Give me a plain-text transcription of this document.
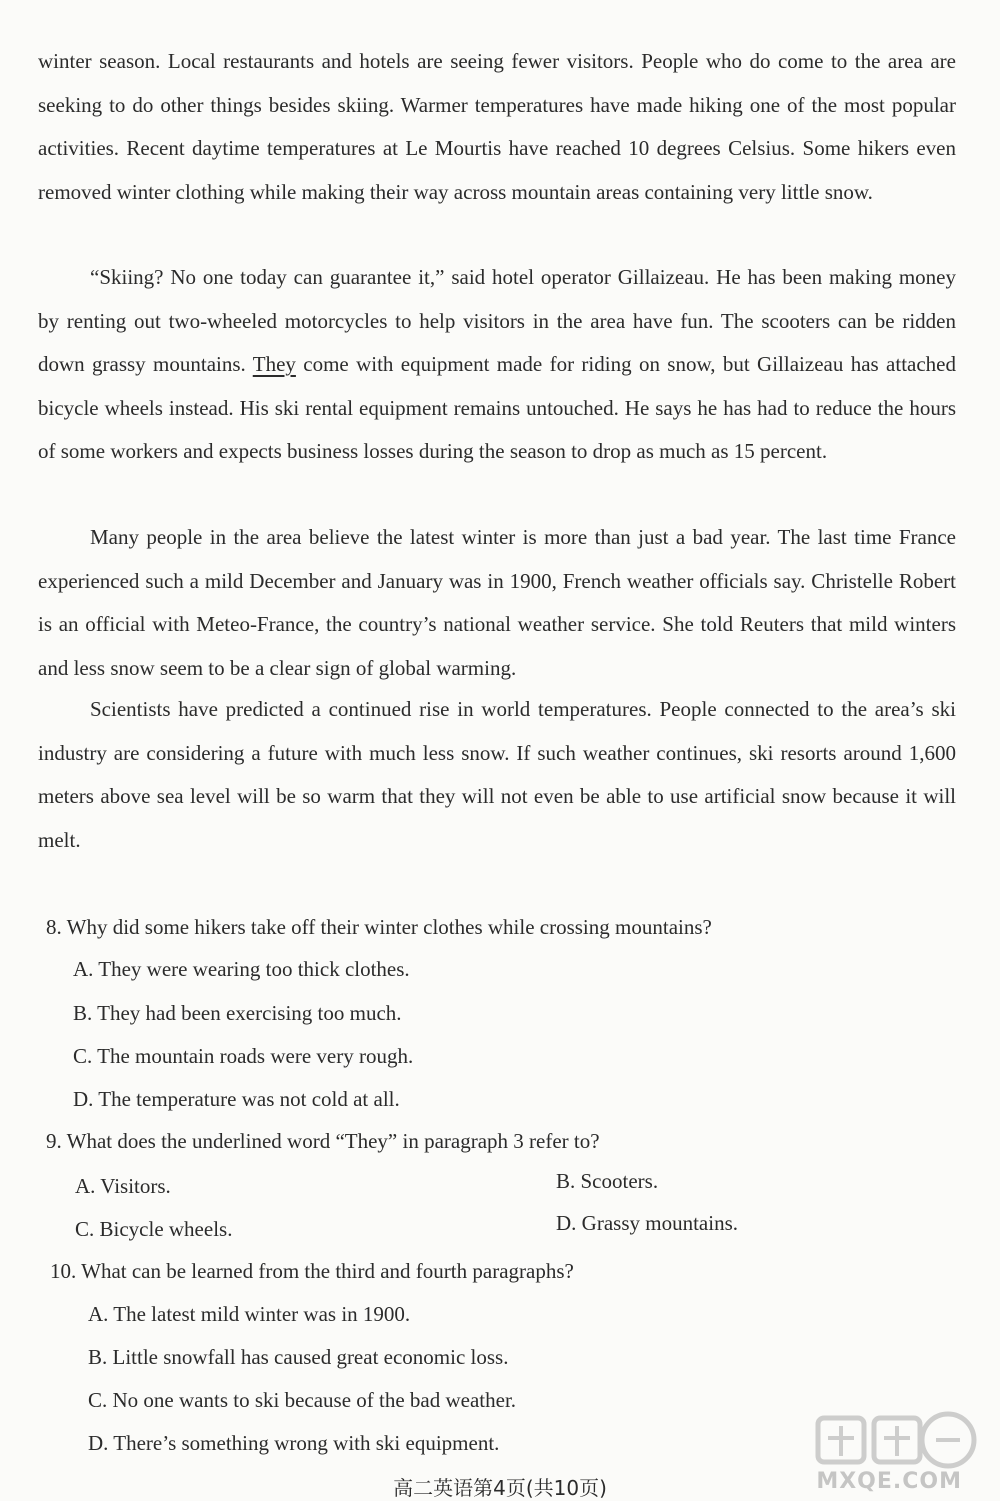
winter season. Local restaurants and hotels are seeing fewer visitors. People who do come to the area are seeking to do other things besides skiing. Warmer temperatures have made hiking one of the most popular activities. Recent daytime temperatures at Le Mourtis have reached 10 degrees Celsius. Some hikers even removed winter clothing while making their way across mountain areas containing very little snow.

“Skiing? No one today can guarantee it,” said hotel operator Gillaizeau. He has been making money by renting out two-wheeled motorcycles to help visitors in the area have fun. The scooters can be ridden down grassy mountains. They come with equipment made for riding on snow, but Gillaizeau has attached bicycle wheels instead. His ski rental equipment remains untouched. He says he has had to reduce the hours of some workers and expects business losses during the season to drop as much as 15 percent.

Many people in the area believe the latest winter is more than just a bad year. The last time France experienced such a mild December and January was in 1900, French weather officials say. Christelle Robert is an official with Meteo-France, the country’s national weather service. She told Reuters that mild winters and less snow seem to be a clear sign of global warming.

Scientists have predicted a continued rise in world temperatures. People connected to the area’s ski industry are considering a future with much less snow. If such weather continues, ski resorts around 1,600 meters above sea level will be so warm that they will not even be able to use artificial snow because it will melt.

8. Why did some hikers take off their winter clothes while crossing mountains?

A. They were wearing too thick clothes.

B. They had been exercising too much.

C. The mountain roads were very rough.

D. The temperature was not cold at all.

9. What does the underlined word “They” in paragraph 3 refer to?

A. Visitors.	B. Scooters.

C. Bicycle wheels.	D. Grassy mountains.

10. What can be learned from the third and fourth paragraphs?

A. The latest mild winter was in 1900.

B. Little snowfall has caused great economic loss.

C. No one wants to ski because of the bad weather.

D. There’s something wrong with ski equipment.

MXQE.COM
高二英语第4页(共10页)
